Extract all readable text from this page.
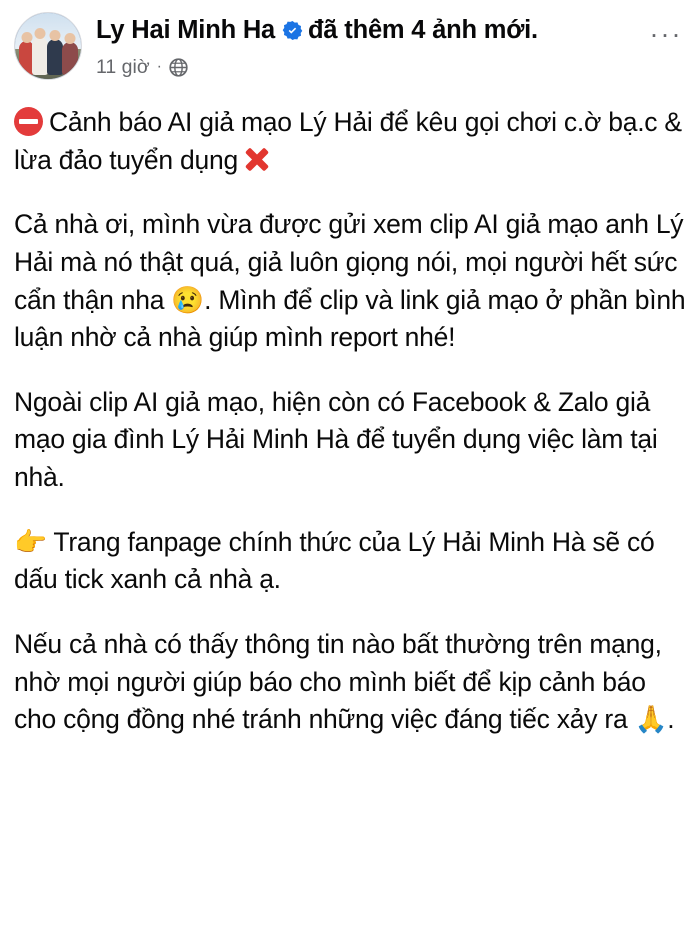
Ly Hai Minh Ha đã thêm 4 ảnh mới.
11 giờ ·
···

Cảnh báo AI giả mạo Lý Hải để kêu gọi chơi c.ờ bạ.c & lừa đảo tuyển dụng

Cả nhà ơi, mình vừa được gửi xem clip AI giả mạo anh Lý Hải mà nó thật quá, giả luôn giọng nói, mọi người hết sức cẩn thận nha 😢. Mình để clip và link giả mạo ở phần bình luận nhờ cả nhà giúp mình report nhé!

Ngoài clip AI giả mạo, hiện còn có Facebook & Zalo giả mạo gia đình Lý Hải Minh Hà để tuyển dụng việc làm tại nhà.

👉 Trang fanpage chính thức của Lý Hải Minh Hà sẽ có dấu tick xanh cả nhà ạ.

Nếu cả nhà có thấy thông tin nào bất thường trên mạng, nhờ mọi người giúp báo cho mình biết để kịp cảnh báo cho cộng đồng nhé tránh những việc đáng tiếc xảy ra 🙏.
